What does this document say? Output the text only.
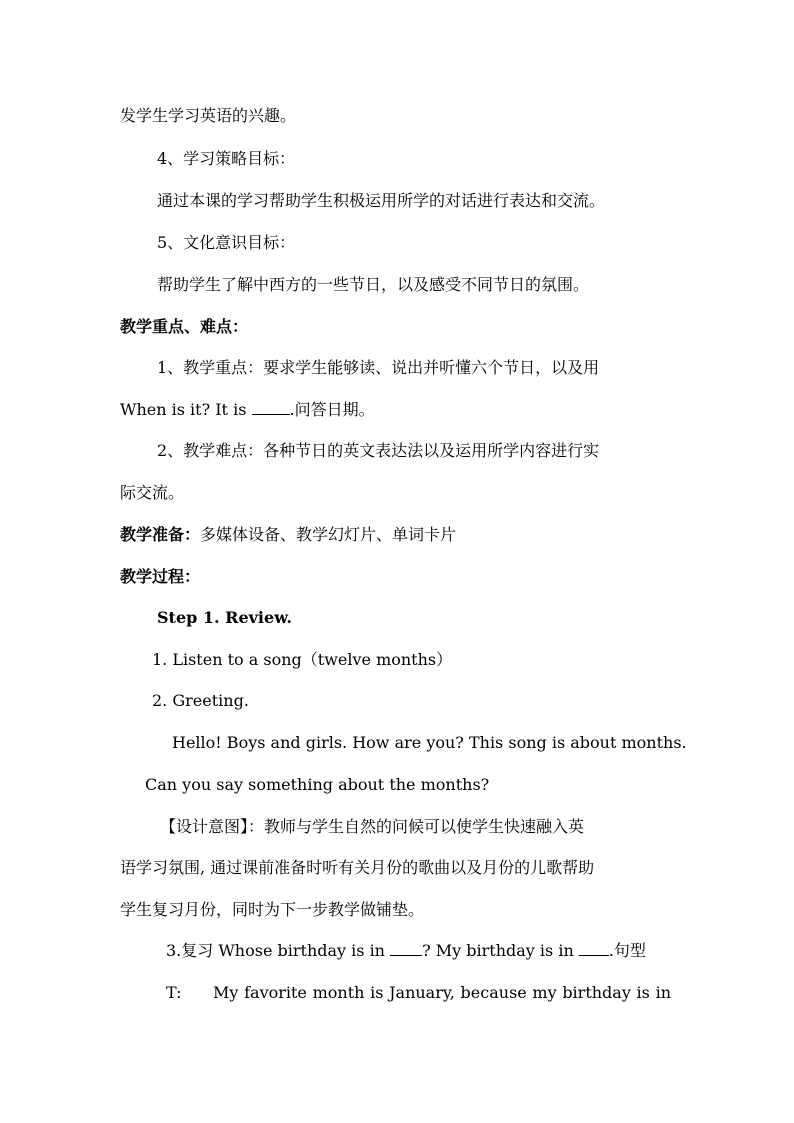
发学生学习英语的兴趣。
4、学习策略目标：
通过本课的学习帮助学生积极运用所学的对话进行表达和交流。
5、文化意识目标：
帮助学生了解中西方的一些节日，以及感受不同节日的氛围。
教学重点、难点：
1、教学重点：要求学生能够读、说出并听懂六个节日，以及用
When is it? It is	.问答日期。
2、教学难点：各种节日的英文表达法以及运用所学内容进行实
际交流。
教学准备：多媒体设备、教学幻灯片、单词卡片
教学过程：
Step 1. Review.
1. Listen to a song（twelve months）
2. Greeting.
Hello! Boys and girls. How are you? This song is about months.
Can you say something about the months?
【设计意图】：教师与学生自然的问候可以使学生快速融入英
语学习氛围, 通过课前准备时听有关月份的歌曲以及月份的儿歌帮助
学生复习月份，同时为下一步教学做铺垫。
3.复习 Whose birthday is in ? My birthday is in .句型
T: My favorite month is January, because my birthday is in
